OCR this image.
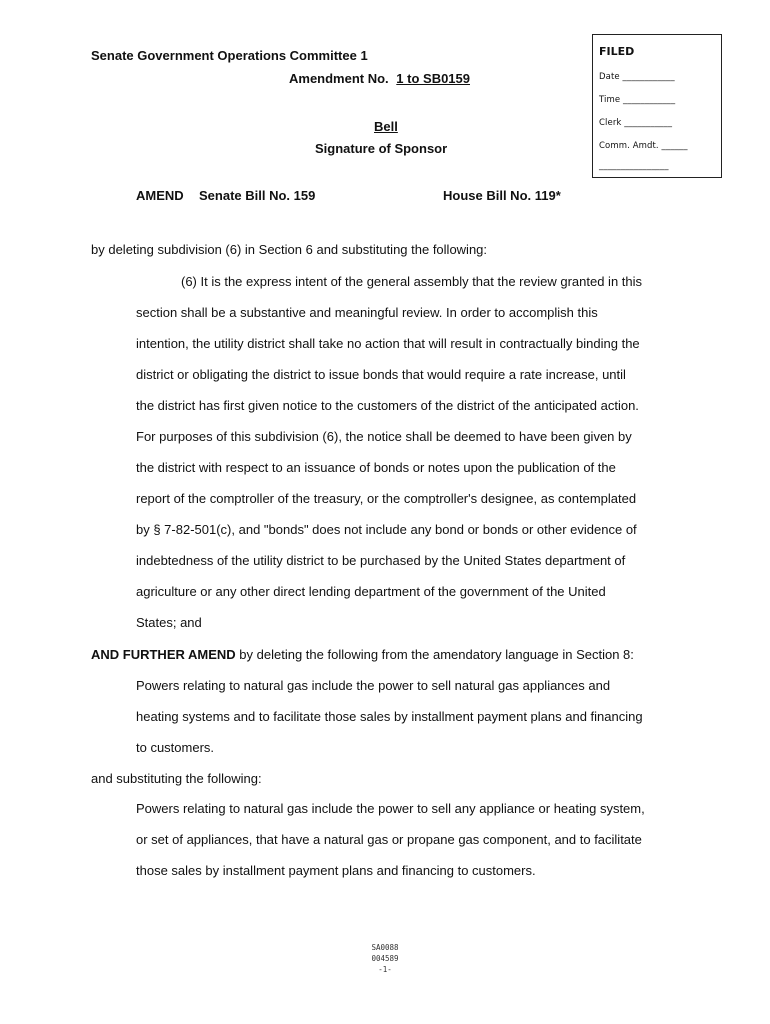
Senate Government Operations Committee 1
Amendment No. 1 to SB0159
Bell
Signature of Sponsor
FILED
Date ____________
Time ____________
Clerk ___________
Comm. Amdt. ______
________________
AMEND Senate Bill No. 159	House Bill No. 119*
by deleting subdivision (6) in Section 6 and substituting the following:
(6) It is the express intent of the general assembly that the review granted in this
section shall be a substantive and meaningful review. In order to accomplish this
intention, the utility district shall take no action that will result in contractually binding the
district or obligating the district to issue bonds that would require a rate increase, until
the district has first given notice to the customers of the district of the anticipated action.
For purposes of this subdivision (6), the notice shall be deemed to have been given by
the district with respect to an issuance of bonds or notes upon the publication of the
report of the comptroller of the treasury, or the comptroller's designee, as contemplated
by § 7-82-501(c), and "bonds" does not include any bond or bonds or other evidence of
indebtedness of the utility district to be purchased by the United States department of
agriculture or any other direct lending department of the government of the United
States; and
AND FURTHER AMEND by deleting the following from the amendatory language in Section 8:
Powers relating to natural gas include the power to sell natural gas appliances and
heating systems and to facilitate those sales by installment payment plans and financing
to customers.
and substituting the following:
Powers relating to natural gas include the power to sell any appliance or heating system,
or set of appliances, that have a natural gas or propane gas component, and to facilitate
those sales by installment payment plans and financing to customers.
SA0088
004589
-1-
